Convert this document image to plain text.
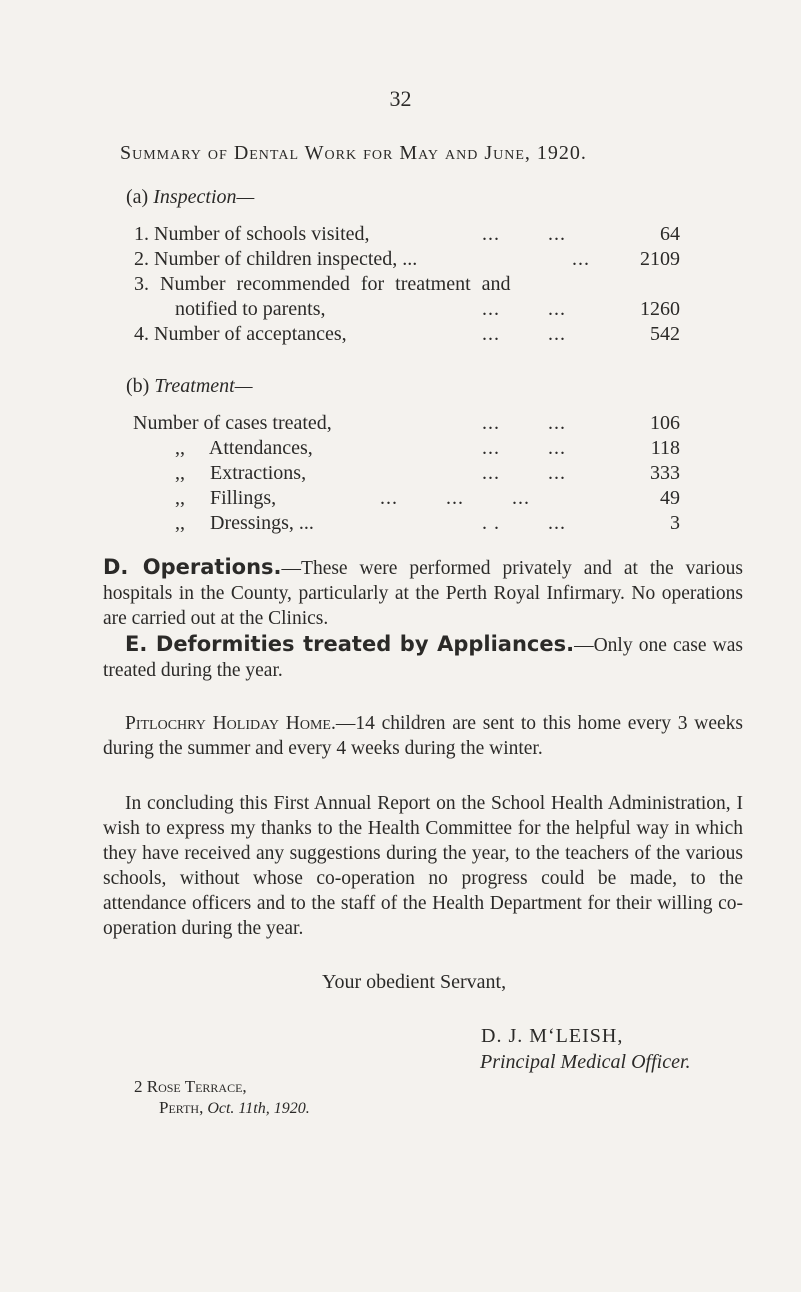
32
Summary of Dental Work for May and June, 1920.
(a) Inspection—
1. Number of schools visited,	...        ...	64
2. Number of children inspected, ...	...	2109
3. Number recommended for treatment and
notified to parents,	...        ...	1260
4. Number of acceptances,	...        ...	542
(b) Treatment—
Number of cases treated,	...        ...	106
,,     Attendances,	...        ...	118
,,     Extractions,	...        ...	333
,,     Fillings,	...        ...        ...	49
,,     Dressings, ...	. .        ...	3
D. Operations.—These were performed privately and at the various hospitals in the County, particularly at the Perth Royal Infirmary. No operations are carried out at the Clinics.
E. Deformities treated by Appliances.—Only one case was treated during the year.
Pitlochry Holiday Home.—14 children are sent to this home every 3 weeks during the summer and every 4 weeks during the winter.
In concluding this First Annual Report on the School Health Administration, I wish to express my thanks to the Health Committee for the helpful way in which they have received any suggestions during the year, to the teachers of the various schools, without whose co-operation no progress could be made, to the attendance officers and to the staff of the Health Department for their willing co-operation during the year.
Your obedient Servant,
D. J. M‘LEISH,
Principal Medical Officer.
2 Rose Terrace,
Perth, Oct. 11th, 1920.
